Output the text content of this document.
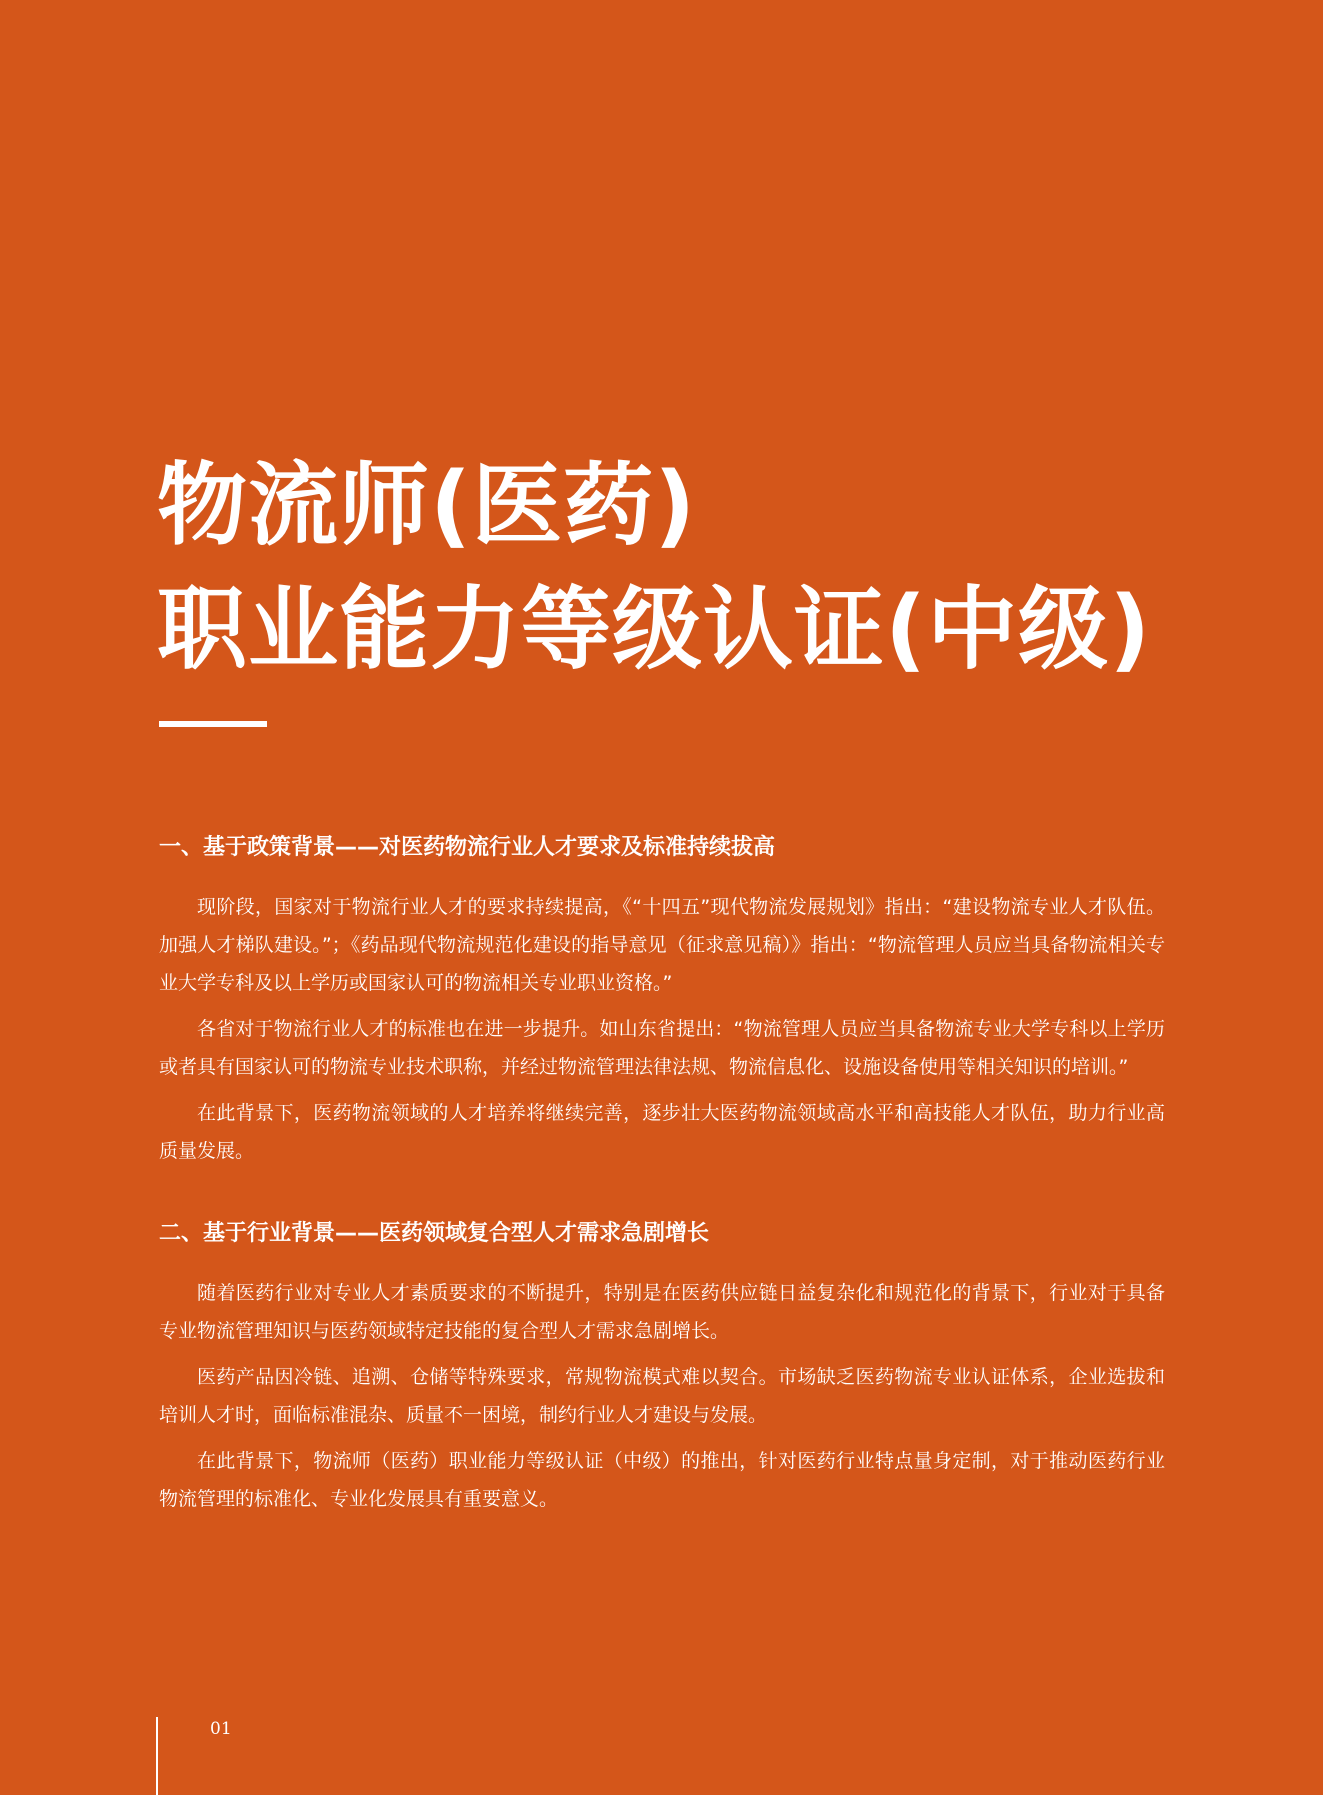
物流师(医药)
职业能力等级认证(中级)
一、基于政策背景——对医药物流行业人才要求及标准持续拔高

现阶段，国家对于物流行业人才的要求持续提高，《“十四五”现代物流发展规划》指出：“建设物流专业人才队伍。加强人才梯队建设。”；《药品现代物流规范化建设的指导意见（征求意见稿）》指出：“物流管理人员应当具备物流相关专业大学专科及以上学历或国家认可的物流相关专业职业资格。”

各省对于物流行业人才的标准也在进一步提升。如山东省提出：“物流管理人员应当具备物流专业大学专科以上学历或者具有国家认可的物流专业技术职称，并经过物流管理法律法规、物流信息化、设施设备使用等相关知识的培训。”

在此背景下，医药物流领域的人才培养将继续完善，逐步壮大医药物流领域高水平和高技能人才队伍，助力行业高质量发展。

二、基于行业背景——医药领域复合型人才需求急剧增长

随着医药行业对专业人才素质要求的不断提升，特别是在医药供应链日益复杂化和规范化的背景下，行业对于具备专业物流管理知识与医药领域特定技能的复合型人才需求急剧增长。

医药产品因冷链、追溯、仓储等特殊要求，常规物流模式难以契合。市场缺乏医药物流专业认证体系，企业选拔和培训人才时，面临标准混杂、质量不一困境，制约行业人才建设与发展。

在此背景下，物流师（医药）职业能力等级认证（中级）的推出，针对医药行业特点量身定制，对于推动医药行业物流管理的标准化、专业化发展具有重要意义。

01
